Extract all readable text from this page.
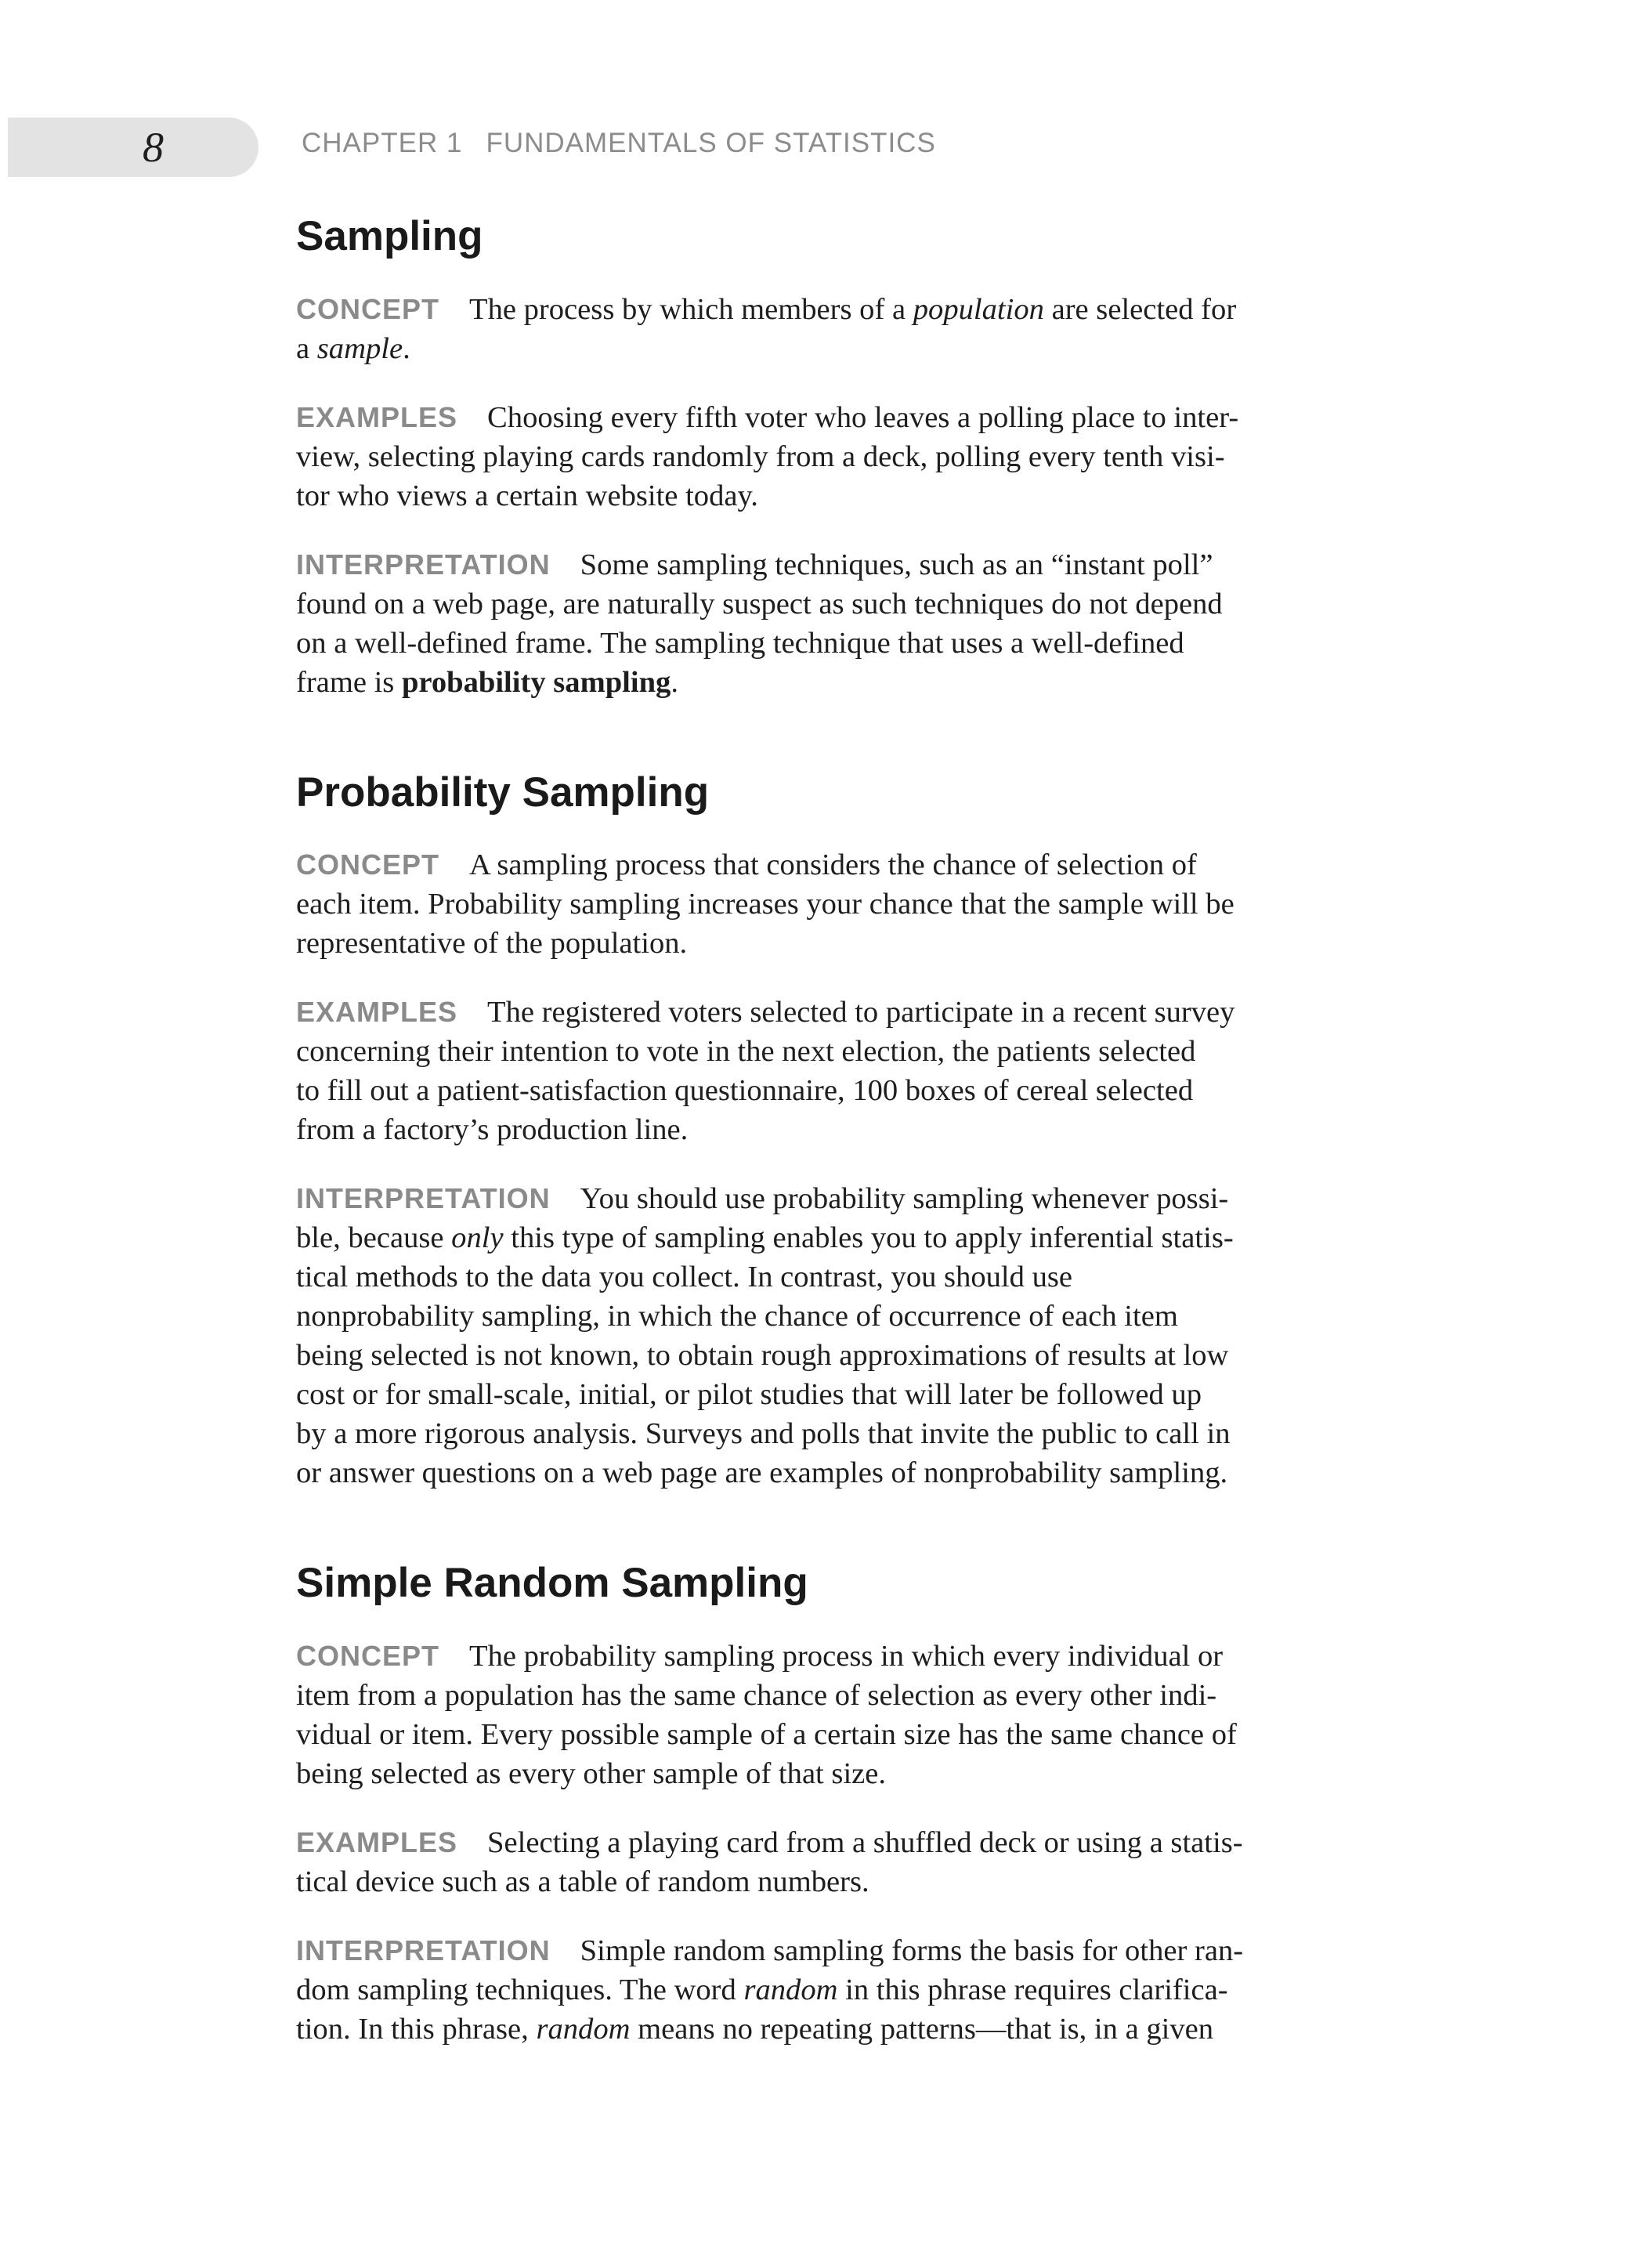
8	CHAPTER 1 FUNDAMENTALS OF STATISTICS
Sampling

CONCEPT The process by which members of a population are selected for
a sample.

EXAMPLES Choosing every fifth voter who leaves a polling place to inter-
view, selecting playing cards randomly from a deck, polling every tenth visi-
tor who views a certain website today.

INTERPRETATION Some sampling techniques, such as an “instant poll”
found on a web page, are naturally suspect as such techniques do not depend
on a well-defined frame. The sampling technique that uses a well-defined
frame is probability sampling.

Probability Sampling

CONCEPT A sampling process that considers the chance of selection of
each item. Probability sampling increases your chance that the sample will be
representative of the population.

EXAMPLES The registered voters selected to participate in a recent survey
concerning their intention to vote in the next election, the patients selected
to fill out a patient-satisfaction questionnaire, 100 boxes of cereal selected
from a factory’s production line.

INTERPRETATION You should use probability sampling whenever possi-
ble, because only this type of sampling enables you to apply inferential statis-
tical methods to the data you collect. In contrast, you should use
nonprobability sampling, in which the chance of occurrence of each item
being selected is not known, to obtain rough approximations of results at low
cost or for small-scale, initial, or pilot studies that will later be followed up
by a more rigorous analysis. Surveys and polls that invite the public to call in
or answer questions on a web page are examples of nonprobability sampling.

Simple Random Sampling

CONCEPT The probability sampling process in which every individual or
item from a population has the same chance of selection as every other indi-
vidual or item. Every possible sample of a certain size has the same chance of
being selected as every other sample of that size.

EXAMPLES Selecting a playing card from a shuffled deck or using a statis-
tical device such as a table of random numbers.

INTERPRETATION Simple random sampling forms the basis for other ran-
dom sampling techniques. The word random in this phrase requires clarifica-
tion. In this phrase, random means no repeating patterns—that is, in a given
